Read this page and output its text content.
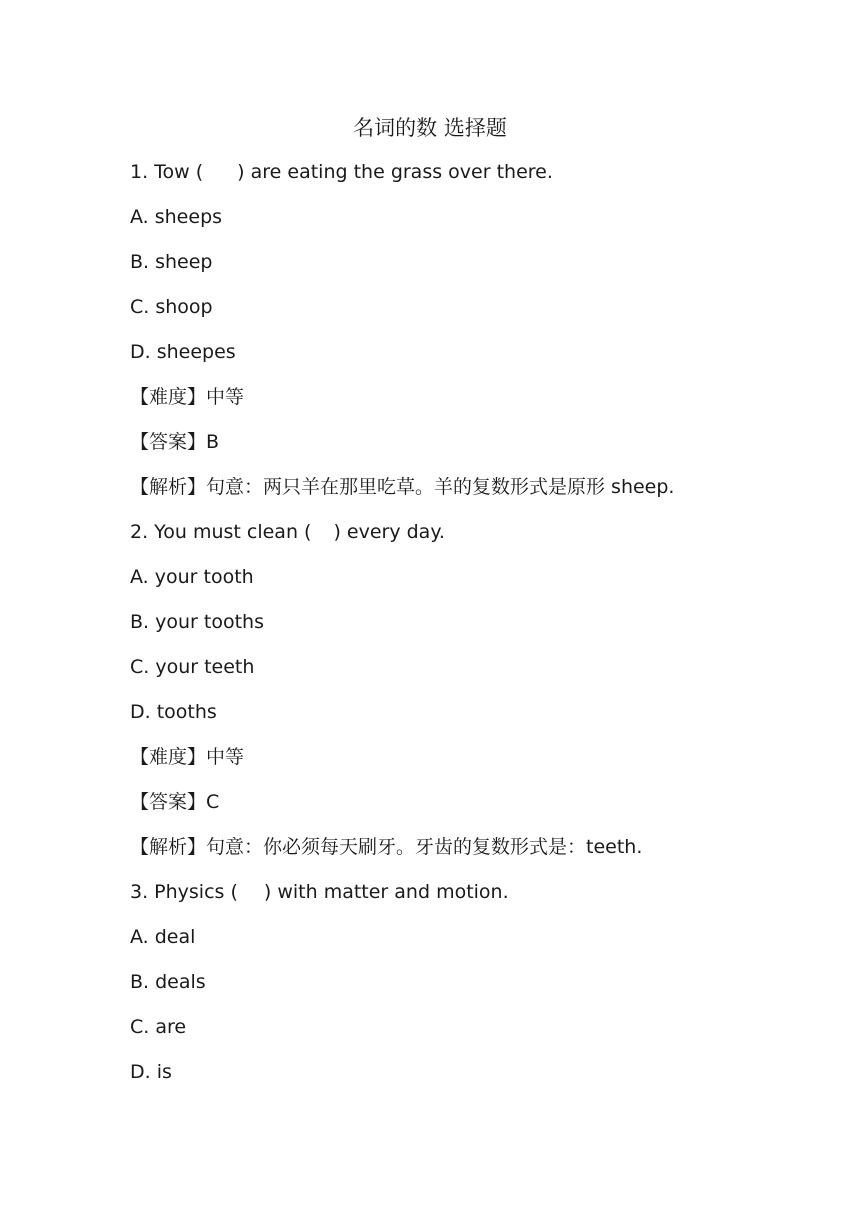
名词的数 选择题
1. Tow ( ) are eating the grass over there.
A. sheeps
B. sheep
C. shoop
D. sheepes
【难度】中等
【答案】B
【解析】句意：两只羊在那里吃草。羊的复数形式是原形 sheep.
2. You must clean ( ) every day.
A. your tooth
B. your tooths
C. your teeth
D. tooths
【难度】中等
【答案】C
【解析】句意：你必须每天刷牙。牙齿的复数形式是：teeth.
3. Physics ( ) with matter and motion.
A. deal
B. deals
C. are
D. is
